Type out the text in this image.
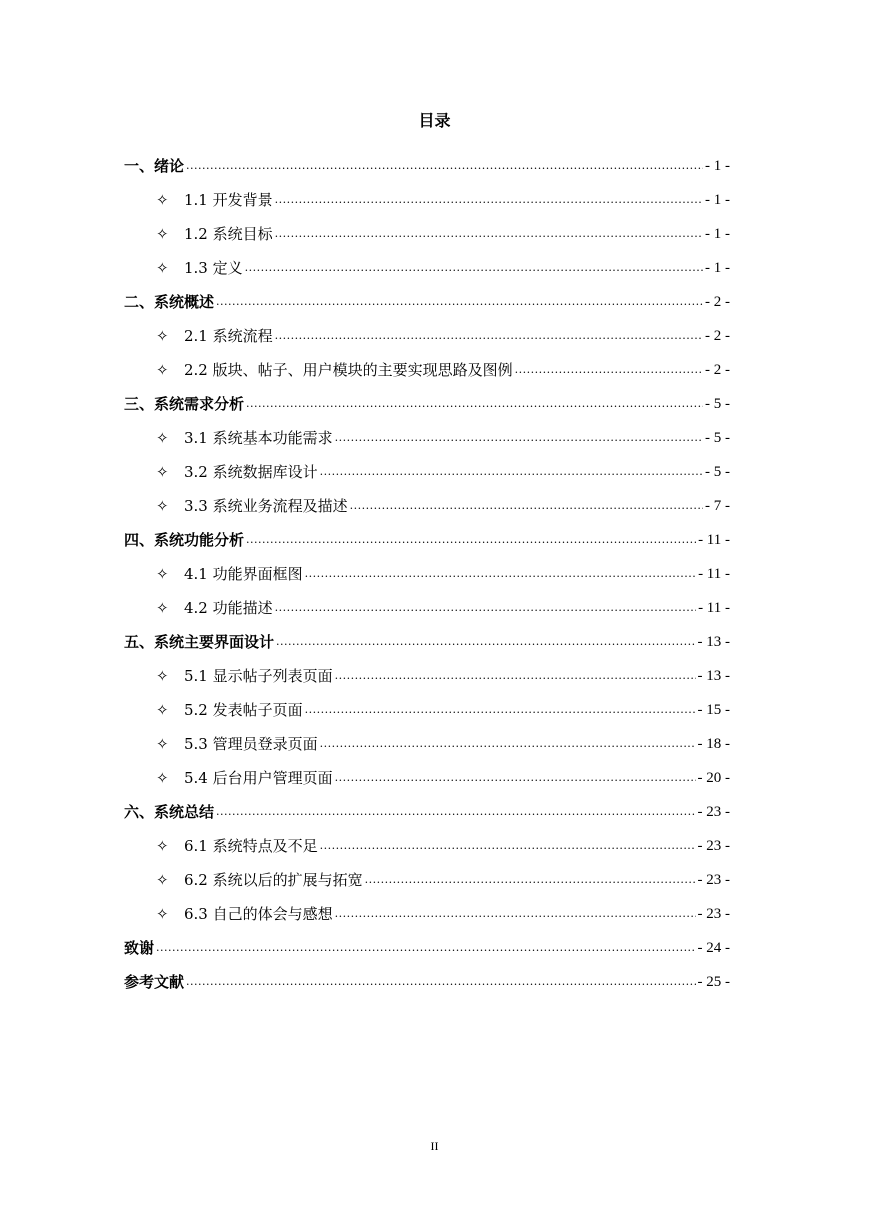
目录
一、绪论 .....	- 1 -
✧	1.1 开发背景 .....	- 1 -
✧	1.2 系统目标 .....	- 1 -
✧	1.3 定义 .....	- 1 -
二、系统概述 .....	- 2 -
✧	2.1 系统流程 .....	- 2 -
✧	2.2 版块、帖子、用户模块的主要实现思路及图例 .....	- 2 -
三、系统需求分析 .....	- 5 -
✧	3.1 系统基本功能需求 .....	- 5 -
✧	3.2 系统数据库设计 .....	- 5 -
✧	3.3 系统业务流程及描述 .....	- 7 -
四、系统功能分析 .....	- 11 -
✧	4.1 功能界面框图 .....	- 11 -
✧	4.2 功能描述 .....	- 11 -
五、系统主要界面设计 .....	- 13 -
✧	5.1 显示帖子列表页面 .....	- 13 -
✧	5.2 发表帖子页面 .....	- 15 -
✧	5.3 管理员登录页面 .....	- 18 -
✧	5.4 后台用户管理页面 .....	- 20 -
六、系统总结 .....	- 23 -
✧	6.1 系统特点及不足 .....	- 23 -
✧	6.2 系统以后的扩展与拓宽 .....	- 23 -
✧	6.3 自己的体会与感想 .....	- 23 -
致谢 .....	- 24 -
参考文献 .....	- 25 -
II
